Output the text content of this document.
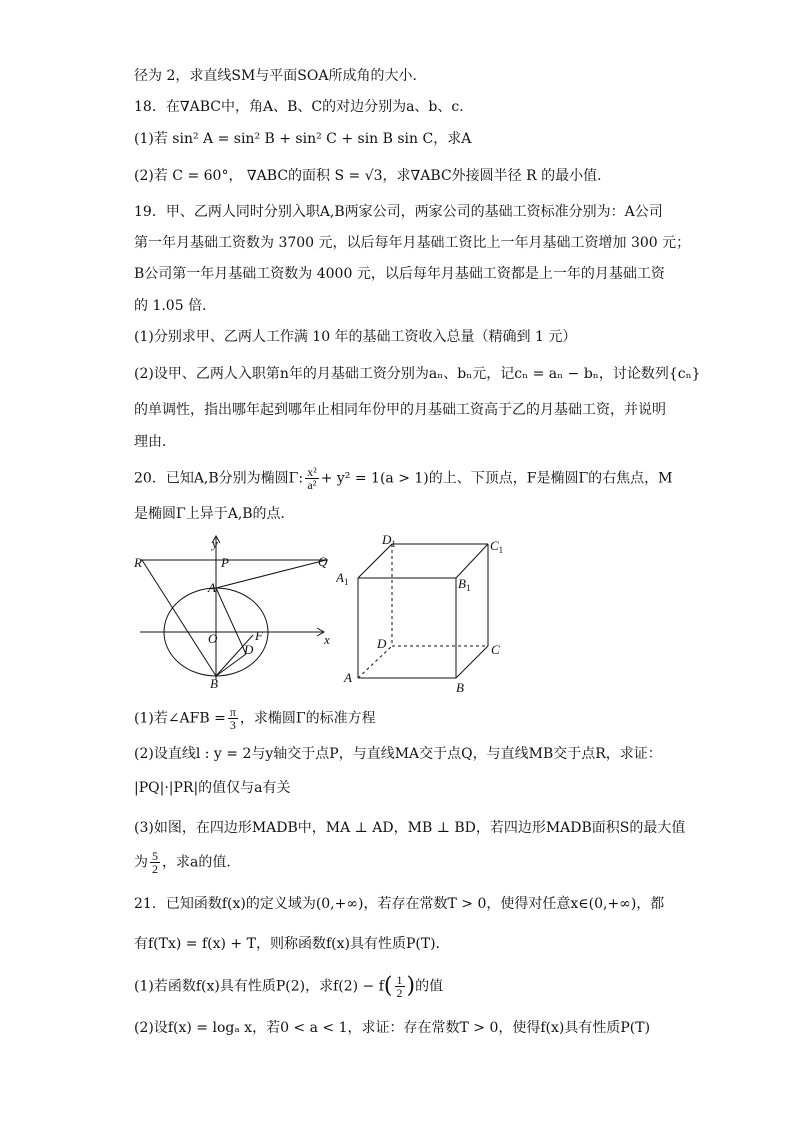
径为 2，求直线SM与平面SOA所成角的大小．
18．在∇ABC中，角A、B、C的对边分别为a、b、c．
(1)若 sin² A = sin² B + sin² C + sin B sin C，求A
(2)若 C = 60°， ∇ABC的面积 S = √3，求∇ABC外接圆半径 R 的最小值．
19．甲、乙两人同时分别入职A,B两家公司，两家公司的基础工资标准分别为：A公司
第一年月基础工资数为 3700 元，以后每年月基础工资比上一年月基础工资增加 300 元；
B公司第一年月基础工资数为 4000 元，以后每年月基础工资都是上一年的月基础工资
的 1.05 倍．
(1)分别求甲、乙两人工作满 10 年的基础工资收入总量（精确到 1 元）
(2)设甲、乙两人入职第n年的月基础工资分别为aₙ、bₙ元，记cₙ = aₙ − bₙ，讨论数列{cₙ}
的单调性，指出哪年起到哪年止相同年份甲的月基础工资高于乙的月基础工资，并说明
理由．
20．已知A,B分别为椭圆Γ: $\frac{\text{x²}}{\text{a²}} + y^2 = 1(a > 1)$的上、下顶点，F是椭圆Γ的右焦点，M
是椭圆Γ上异于A,B的点．
y
x
R	P	Q
A
O	F
D
B
$D_1$	$C_1$
$A_1$	$B_1$
D	C
A
B
(1)若∠AFB = $\frac{\pi}{3}$ ，求椭圆Γ的标准方程
(2)设直线l : y = 2与y轴交于点P，与直线MA交于点Q，与直线MB交于点R，求证：
|PQ|·|PR|的值仅与a有关
(3)如图，在四边形MADB中，MA ⊥ AD，MB ⊥ BD，若四边形MADB面积S的最大值
为 $\frac{5}{2}$ ，求a的值．
21．已知函数f(x)的定义域为(0,+∞)，若存在常数T > 0，使得对任意x∈(0,+∞)，都
有f(Tx) = f(x) + T，则称函数f(x)具有性质P(T)．
(1)若函数f(x)具有性质P(2)，求$f(2) - f( \frac{1}{2}$ )的值
(2)设f(x) = logₐ x，若0 < a < 1，求证：存在常数T > 0，使得f(x)具有性质P(T)
